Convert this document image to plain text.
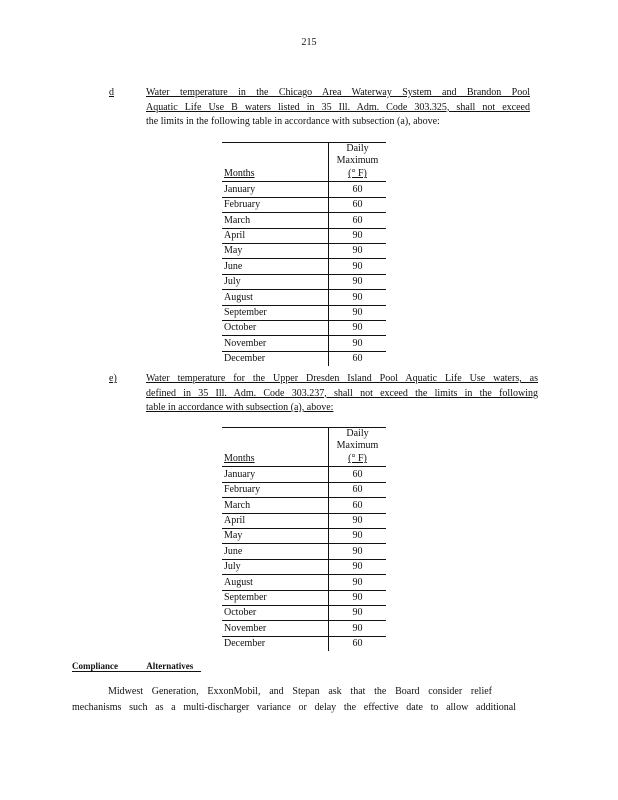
215
d	Water temperature in the Chicago Area Waterway System and Brandon Pool
Aquatic Life Use B waters listed in 35 Ill. Adm. Code 303.325, shall not exceed
the limits in the following table in accordance with subsection (a), above:

	Daily
Maximum

Months	(° F)
January	60
February	60
March	60
April	90
May	90
June	90
July	90
August	90
September	90
October	90
November	90
December	60
e)	Water temperature for the Upper Dresden Island Pool Aquatic Life Use waters, as
defined in 35 Ill. Adm. Code 303.237, shall not exceed the limits in the following
table in accordance with subsection (a), above:

	Daily
Maximum

Months	(° F)
January	60
February	60
March	60
April	90
May	90
June	90
July	90
August	90
September	90
October	90
November	90
December	60
Compliance	Alternatives
Midwest Generation, ExxonMobil, and Stepan ask that the Board consider relief
mechanisms such as a multi-discharger variance or delay the effective date to allow additional
